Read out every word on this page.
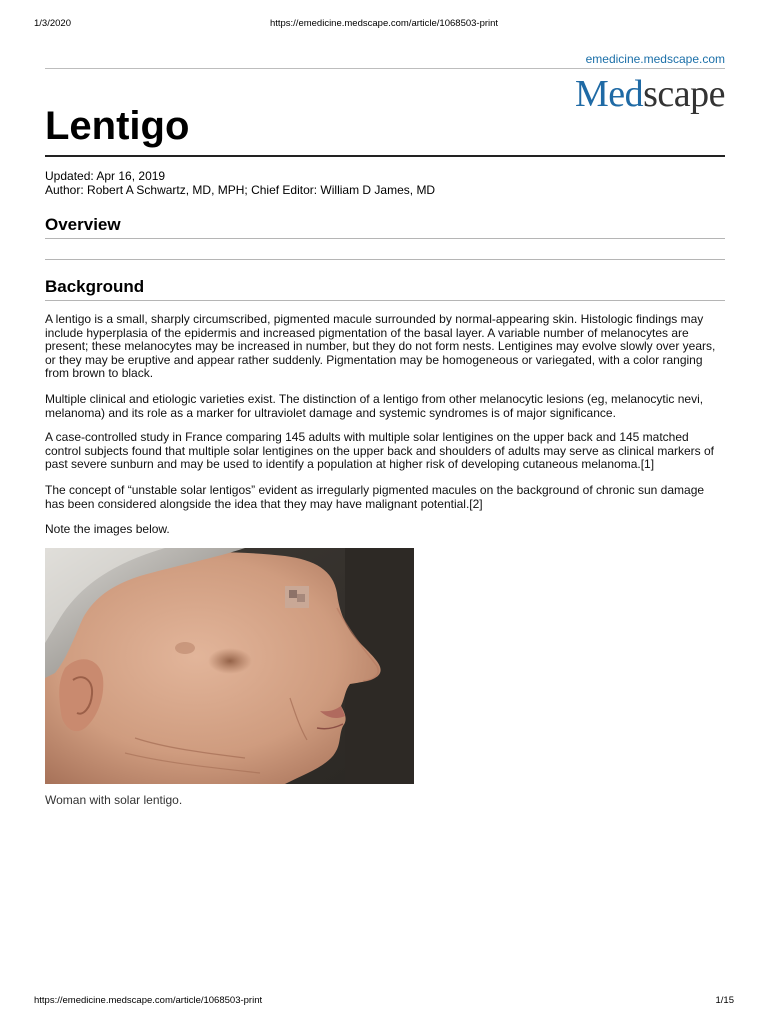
1/3/2020	https://emedicine.medscape.com/article/1068503-print
emedicine.medscape.com
Medscape
Lentigo
Updated: Apr 16, 2019
Author: Robert A Schwartz, MD, MPH; Chief Editor: William D James, MD
Overview
Background

A lentigo is a small, sharply circumscribed, pigmented macule surrounded by normal-appearing skin. Histologic findings may include hyperplasia of the epidermis and increased pigmentation of the basal layer. A variable number of melanocytes are present; these melanocytes may be increased in number, but they do not form nests. Lentigines may evolve slowly over years, or they may be eruptive and appear rather suddenly. Pigmentation may be homogeneous or variegated, with a color ranging from brown to black.

Multiple clinical and etiologic varieties exist. The distinction of a lentigo from other melanocytic lesions (eg, melanocytic nevi, melanoma) and its role as a marker for ultraviolet damage and systemic syndromes is of major significance.

A case-controlled study in France comparing 145 adults with multiple solar lentigines on the upper back and 145 matched control subjects found that multiple solar lentigines on the upper back and shoulders of adults may serve as clinical markers of past severe sunburn and may be used to identify a population at higher risk of developing cutaneous melanoma.[1]

The concept of “unstable solar lentigos” evident as irregularly pigmented macules on the background of chronic sun damage has been considered alongside the idea that they may have malignant potential.[2]

Note the images below.

Woman with solar lentigo.
https://emedicine.medscape.com/article/1068503-print	1/15
